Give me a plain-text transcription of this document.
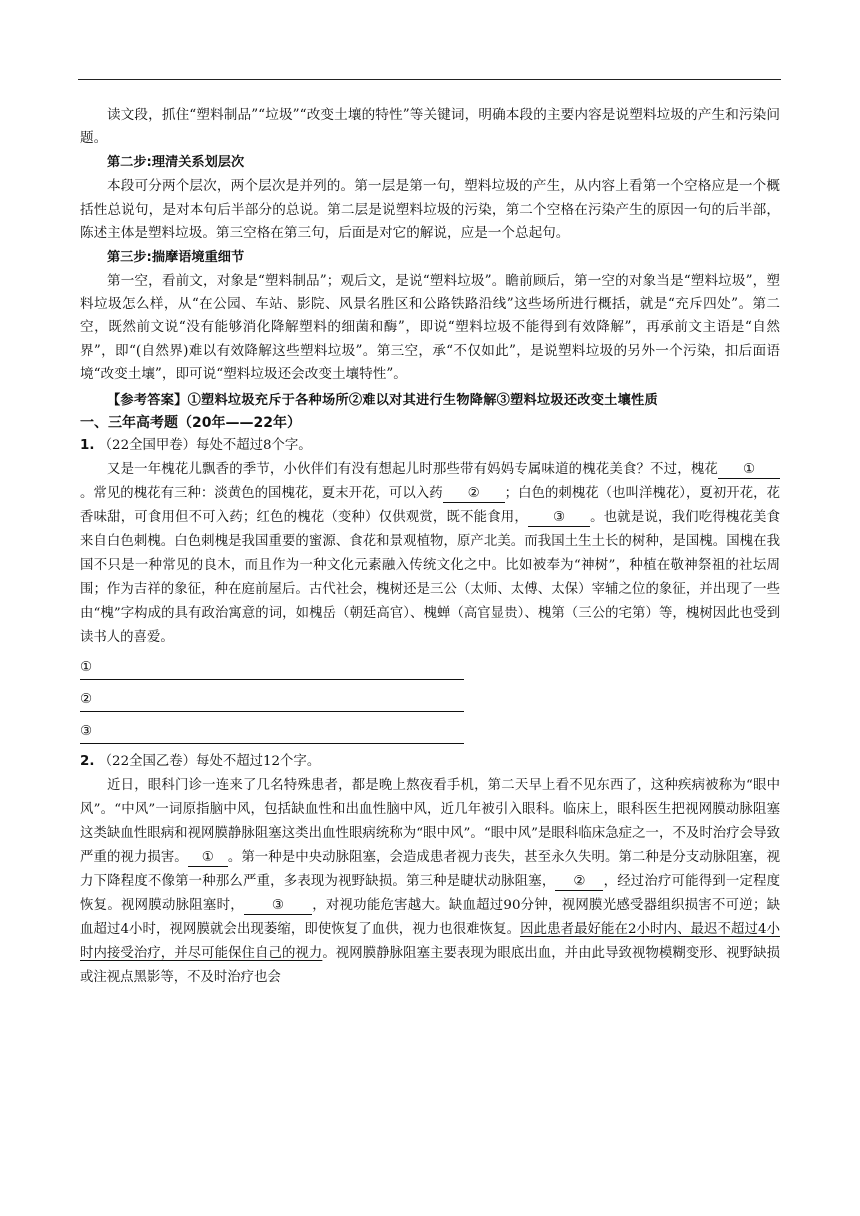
读文段，抓住“塑料制品”“垃圾”“改变土壤的特性”等关键词，明确本段的主要内容是说塑料垃圾的产生和污染问题。

第二步:理清关系划层次

本段可分两个层次，两个层次是并列的。第一层是第一句，塑料垃圾的产生，从内容上看第一个空格应是一个概括性总说句，是对本句后半部分的总说。第二层是说塑料垃圾的污染，第二个空格在污染产生的原因一句的后半部，陈述主体是塑料垃圾。第三空格在第三句，后面是对它的解说，应是一个总起句。

第三步:揣摩语境重细节

第一空，看前文，对象是“塑料制品”；观后文，是说“塑料垃圾”。瞻前顾后，第一空的对象当是“塑料垃圾”，塑料垃圾怎么样，从“在公园、车站、影院、风景名胜区和公路铁路沿线”这些场所进行概括，就是“充斥四处”。第二空，既然前文说“没有能够消化降解塑料的细菌和酶”，即说“塑料垃圾不能得到有效降解”，再承前文主语是“自然界”，即“(自然界)难以有效降解这些塑料垃圾”。第三空，承“不仅如此”，是说塑料垃圾的另外一个污染，扣后面语境“改变土壤”，即可说“塑料垃圾还会改变土壤特性”。

【参考答案】①塑料垃圾充斥于各种场所②难以对其进行生物降解③塑料垃圾还改变土壤性质
一、三年高考题（20年——22年）
1. （22全国甲卷）每处不超过8个字。

又是一年槐花儿飘香的季节，小伙伴们有没有想起儿时那些带有妈妈专属味道的槐花美食？不过，槐花 ①。常见的槐花有三种：淡黄色的国槐花，夏末开花，可以入药 ② ；白色的刺槐花（也叫洋槐花），夏初开花，花香味甜，可食用但不可入药；红色的槐花（变种）仅供观赏，既不能食用， ③ 。也就是说，我们吃得槐花美食来自白色刺槐。白色刺槐是我国重要的蜜源、食花和景观植物，原产北美。而我国土生土长的树种，是国槐。国槐在我国不只是一种常见的良木，而且作为一种文化元素融入传统文化之中。比如被奉为“神树”，种植在敬神祭祖的社坛周围；作为吉祥的象征，种在庭前屋后。古代社会，槐树还是三公（太师、太傅、太保）宰辅之位的象征，并出现了一些由“槐”字构成的具有政治寓意的词，如槐岳（朝廷高官）、槐蝉（高官显贵）、槐第（三公的宅第）等，槐树因此也受到读书人的喜爱。

①
②
③
2. （22全国乙卷）每处不超过12个字。

近日，眼科门诊一连来了几名特殊患者，都是晚上熬夜看手机，第二天早上看不见东西了，这种疾病被称为“眼中风”。“中风”一词原指脑中风，包括缺血性和出血性脑中风，近几年被引入眼科。临床上，眼科医生把视网膜动脉阻塞这类缺血性眼病和视网膜静脉阻塞这类出血性眼病统称为“眼中风”。“眼中风”是眼科临床急症之一，不及时治疗会导致严重的视力损害。 ① 。第一种是中央动脉阻塞，会造成患者视力丧失，甚至永久失明。第二种是分支动脉阻塞，视力下降程度不像第一种那么严重，多表现为视野缺损。第三种是睫状动脉阻塞， ② ，经过治疗可能得到一定程度恢复。视网膜动脉阻塞时， ③ ，对视功能危害越大。缺血超过90分钟，视网膜光感受器组织损害不可逆；缺血超过4小时，视网膜就会出现萎缩，即使恢复了血供，视力也很难恢复。因此患者最好能在2小时内、最迟不超过4小时内接受治疗，并尽可能保住自己的视力。视网膜静脉阻塞主要表现为眼底出血，并由此导致视物模糊变形、视野缺损或注视点黑影等，不及时治疗也会
